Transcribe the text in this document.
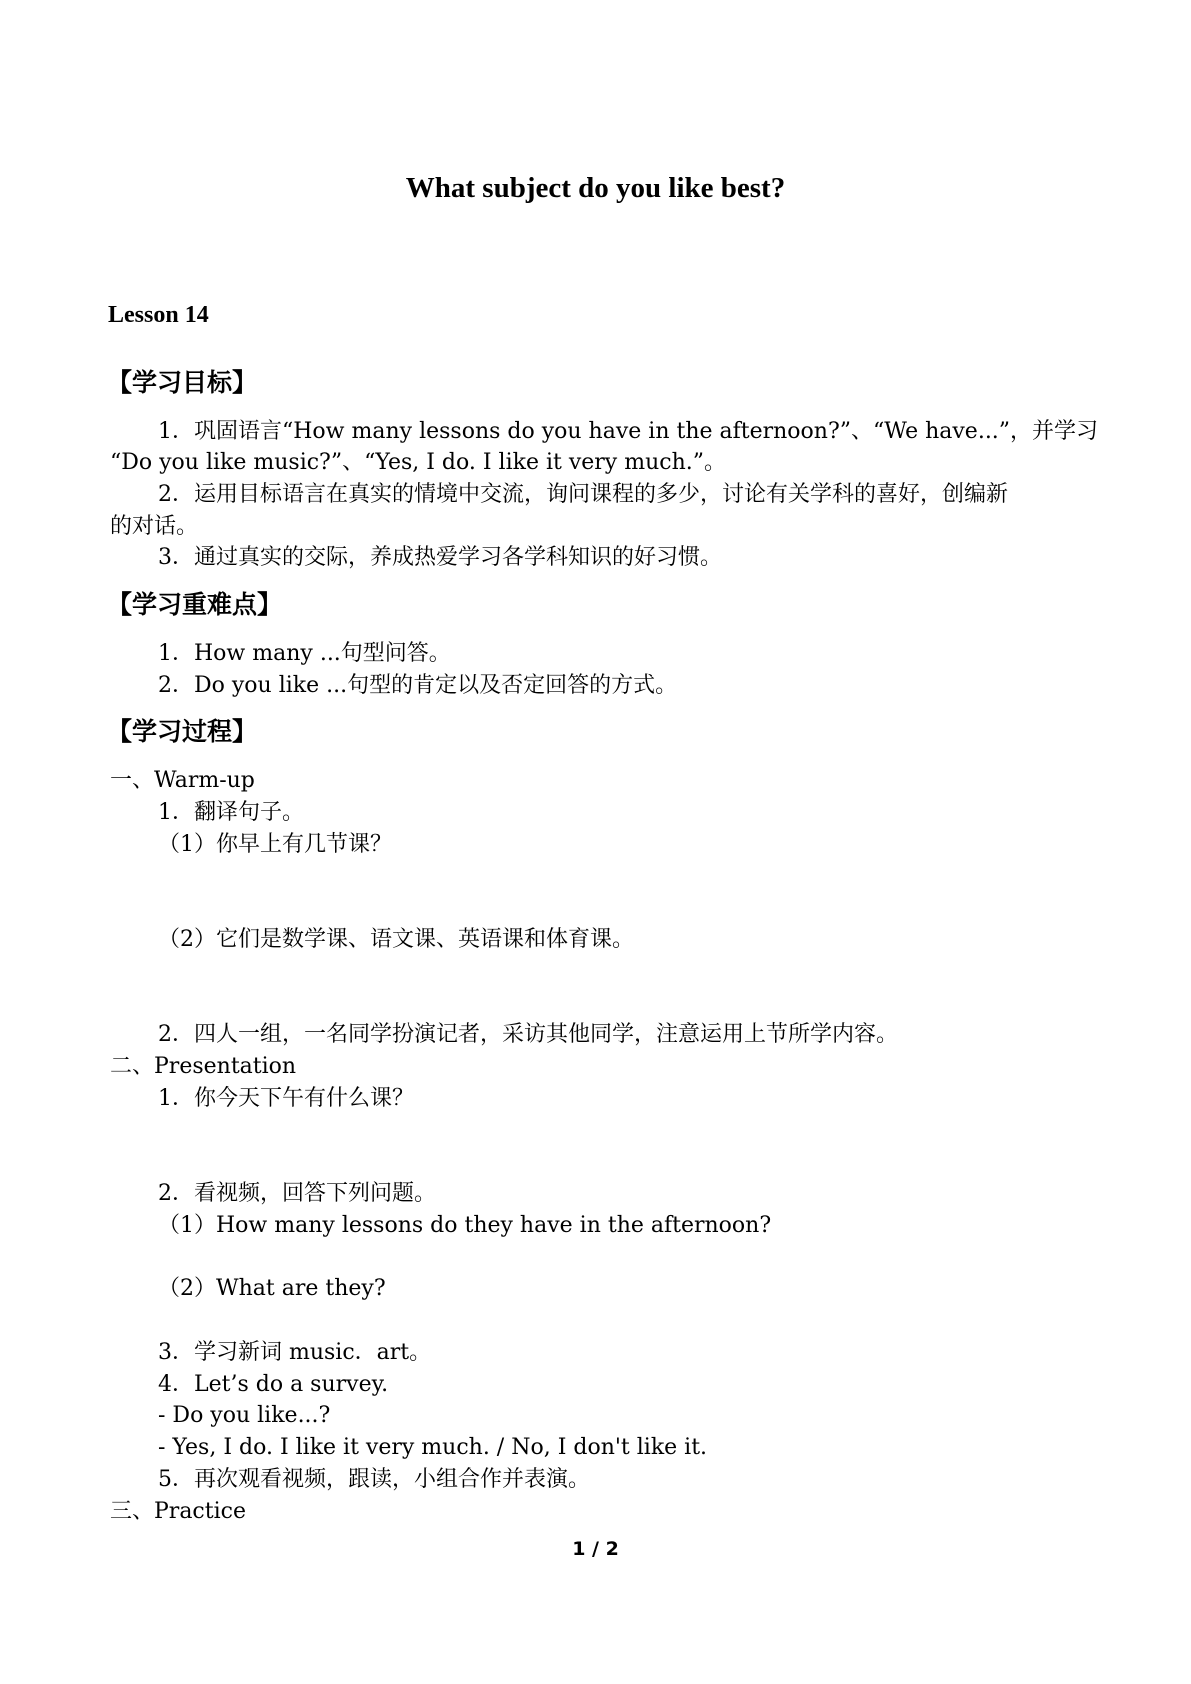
What subject do you like best?
Lesson 14
【学习目标】
1．巩固语言“How many lessons do you have in the afternoon?”、“We have...”，并学习
“Do you like music?”、“Yes, I do. I like it very much.”。
2．运用目标语言在真实的情境中交流，询问课程的多少，讨论有关学科的喜好，创编新
的对话。
3．通过真实的交际，养成热爱学习各学科知识的好习惯。
【学习重难点】
1．How many ...句型问答。
2．Do you like ...句型的肯定以及否定回答的方式。
【学习过程】
一、Warm-up
1．翻译句子。
（1）你早上有几节课？
（2）它们是数学课、语文课、英语课和体育课。
2．四人一组，一名同学扮演记者，采访其他同学，注意运用上节所学内容。
二、Presentation
1．你今天下午有什么课？
2．看视频，回答下列问题。
（1）How many lessons do they have in the afternoon?
（2）What are they?
3．学习新词 music．art。
4．Let’s do a survey.
- Do you like...?
- Yes, I do. I like it very much. / No, I don't like it.
5．再次观看视频，跟读，小组合作并表演。
三、Practice
1 / 2
